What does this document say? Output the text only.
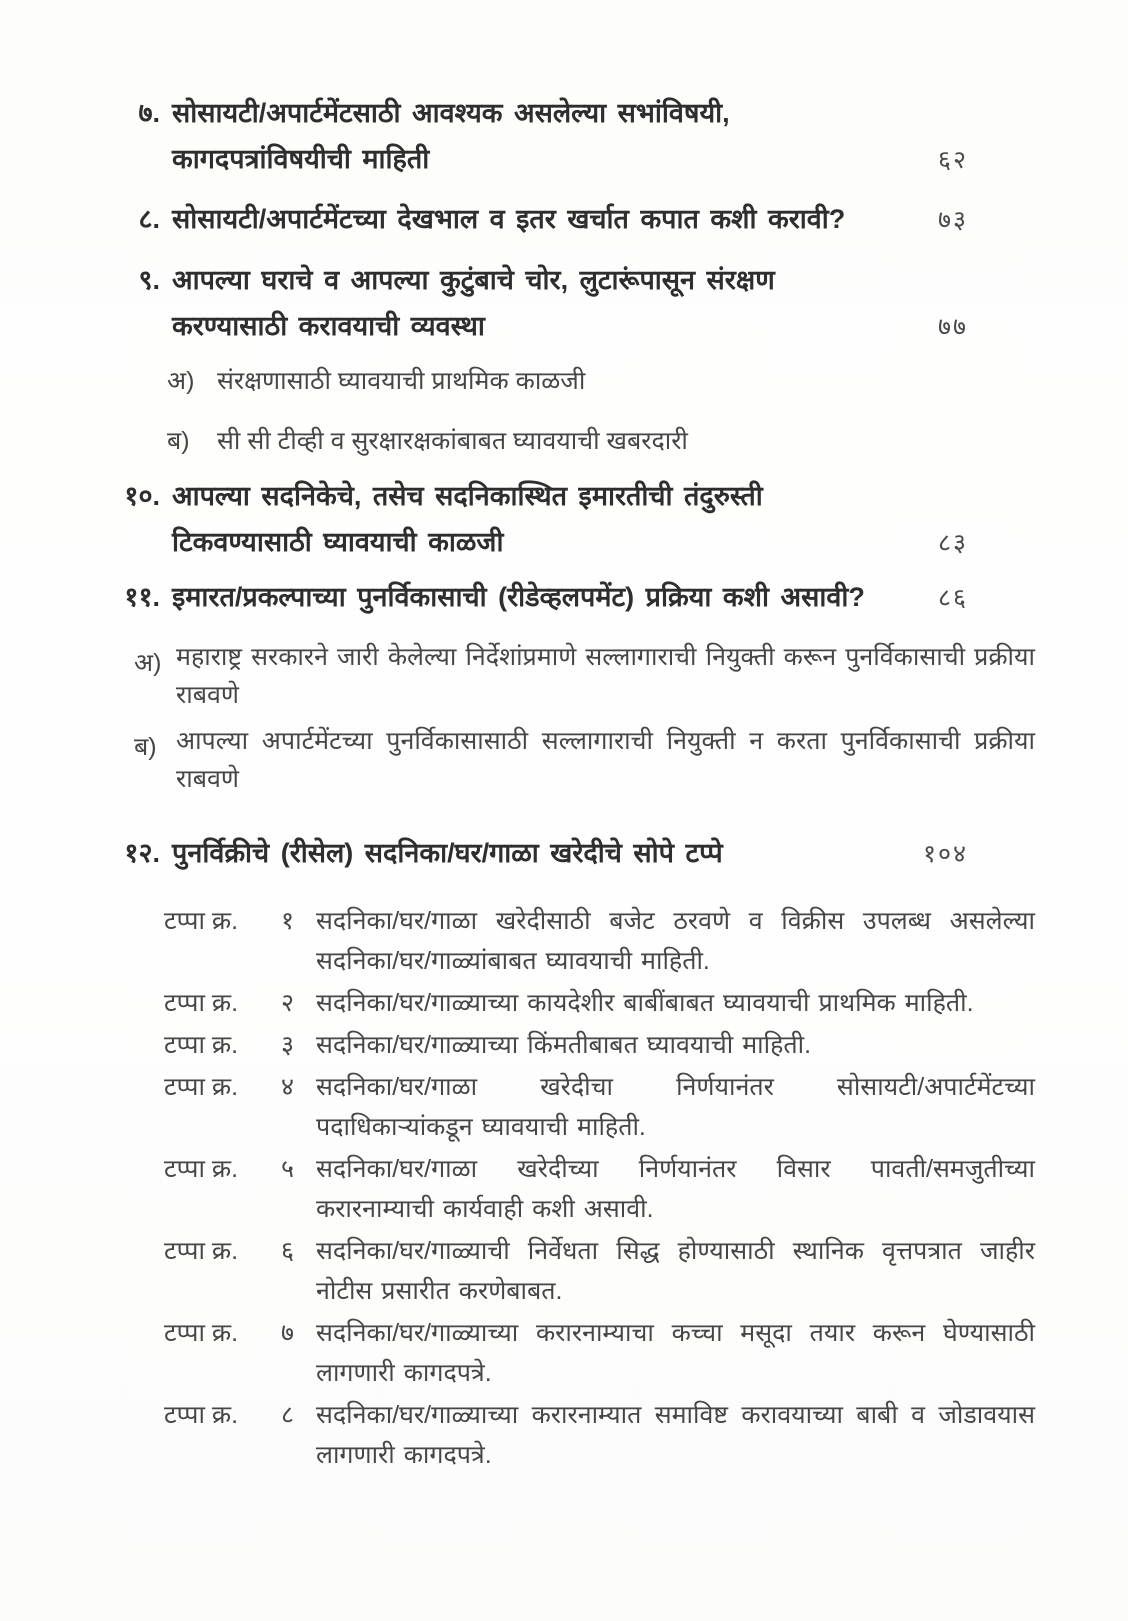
७. सोसायटी/अपार्टमेंटसाठी आवश्यक असलेल्या सभांविषयी,
कागदपत्रांविषयीची माहिती	६२
८. सोसायटी/अपार्टमेंटच्या देखभाल व इतर खर्चात कपात कशी करावी?	७३
९. आपल्या घराचे व आपल्या कुटुंबाचे चोर, लुटारूंपासून संरक्षण
करण्यासाठी करावयाची व्यवस्था	७७
अ) संरक्षणासाठी घ्यावयाची प्राथमिक काळजी
ब)	सी सी टीव्ही व सुरक्षारक्षकांबाबत घ्यावयाची खबरदारी
१०. आपल्या सदनिकेचे, तसेच सदनिकास्थित इमारतीची तंदुरुस्ती
टिकवण्यासाठी घ्यावयाची काळजी	८३
११. इमारत/प्रकल्पाच्या पुनर्विकासाची (रीडेव्हलपमेंट) प्रक्रिया कशी असावी?	८६
अ) महाराष्ट्र सरकारने जारी केलेल्या निर्देशांप्रमाणे सल्लागाराची नियुक्ती करून पुनर्विकासाची प्रक्रीया राबवणे
ब) आपल्या अपार्टमेंटच्या पुनर्विकासासाठी सल्लागाराची नियुक्ती न करता पुनर्विकासाची प्रक्रीया राबवणे
१२. पुनर्विक्रीचे (रीसेल) सदनिका/घर/गाळा खरेदीचे सोपे टप्पे	१०४
टप्पा क्र. १ सदनिका/घर/गाळा खरेदीसाठी बजेट ठरवणे व विक्रीस उपलब्ध असलेल्या सदनिका/घर/गाळ्यांबाबत घ्यावयाची माहिती.
टप्पा क्र. २ सदनिका/घर/गाळ्याच्या कायदेशीर बाबींबाबत घ्यावयाची प्राथमिक माहिती.
टप्पा क्र. ३ सदनिका/घर/गाळ्याच्या किंमतीबाबत घ्यावयाची माहिती.
टप्पा क्र. ४ सदनिका/घर/गाळा खरेदीचा निर्णयानंतर सोसायटी/अपार्टमेंटच्या पदाधिकाऱ्यांकडून घ्यावयाची माहिती.
टप्पा क्र. ५ सदनिका/घर/गाळा खरेदीच्या निर्णयानंतर विसार पावती/समजुतीच्या करारनाम्याची कार्यवाही कशी असावी.
टप्पा क्र. ६ सदनिका/घर/गाळ्याची निर्वेधता सिद्ध होण्यासाठी स्थानिक वृत्तपत्रात जाहीर नोटीस प्रसारीत करणेबाबत.
टप्पा क्र. ७ सदनिका/घर/गाळ्याच्या करारनाम्याचा कच्चा मसूदा तयार करून घेण्यासाठी लागणारी कागदपत्रे.
टप्पा क्र. ८ सदनिका/घर/गाळ्याच्या करारनाम्यात समाविष्ट करावयाच्या बाबी व जोडावयास लागणारी कागदपत्रे.
